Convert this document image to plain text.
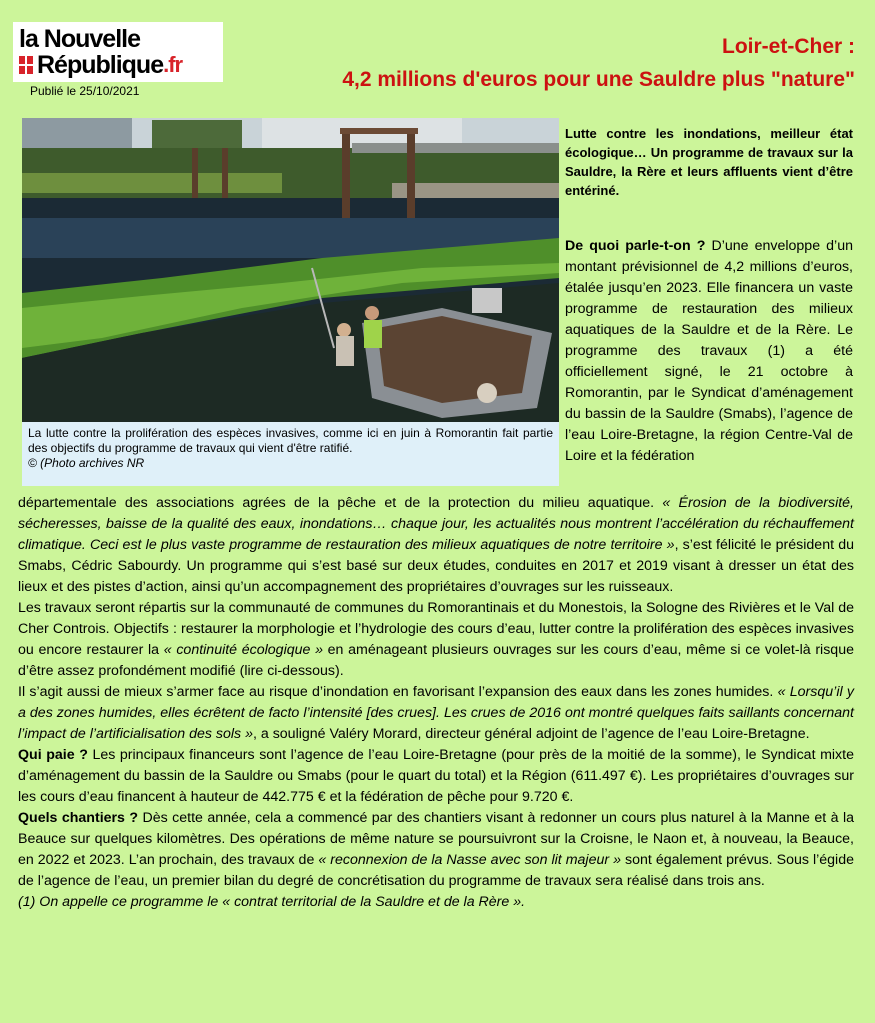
la Nouvelle
République .fr
Publié le 25/10/2021
Loir-et-Cher :
4,2 millions d'euros pour une Sauldre plus "nature"
La lutte contre la prolifération des espèces invasives, comme ici en juin à Romorantin fait partie des objectifs du programme de travaux qui vient d'être ratifié.
© (Photo archives NR
Lutte contre les inondations, meilleur état écologique… Un programme de travaux sur la Sauldre, la Rère et leurs affluents vient d’être entériné.
De quoi parle-t-on ? D’une enveloppe d’un montant prévisionnel de 4,2 millions d’euros, étalée jusqu’en 2023. Elle financera un vaste programme de restauration des milieux aquatiques de la Sauldre et de la Rère. Le programme des travaux (1) a été officiellement signé, le 21 octobre à Romorantin, par le Syndicat d’aménagement du bassin de la Sauldre (Smabs), l’agence de l’eau Loire-Bretagne, la région Centre-Val de Loire et la fédération

départementale des associations agrées de la pêche et de la protection du milieu aquatique. « Érosion de la biodiversité, sécheresses, baisse de la qualité des eaux, inondations… chaque jour, les actualités nous montrent l’accélération du réchauffement climatique. Ceci est le plus vaste programme de restauration des milieux aquatiques de notre territoire », s’est félicité le président du Smabs, Cédric Sabourdy. Un programme qui s’est basé sur deux études, conduites en 2017 et 2019 visant à dresser un état des lieux et des pistes d’action, ainsi qu’un accompagnement des propriétaires d’ouvrages sur les ruisseaux.

Les travaux seront répartis sur la communauté de communes du Romorantinais et du Monestois, la Sologne des Rivières et le Val de Cher Controis. Objectifs : restaurer la morphologie et l’hydrologie des cours d’eau, lutter contre la prolifération des espèces invasives ou encore restaurer la « continuité écologique » en aménageant plusieurs ouvrages sur les cours d’eau, même si ce volet-là risque d’être assez profondément modifié (lire ci-dessous).

Il s’agit aussi de mieux s’armer face au risque d’inondation en favorisant l’expansion des eaux dans les zones humides. « Lorsqu’il y a des zones humides, elles écrêtent de facto l’intensité [des crues]. Les crues de 2016 ont montré quelques faits saillants concernant l’impact de l’artificialisation des sols », a souligné Valéry Morard, directeur général adjoint de l’agence de l’eau Loire-Bretagne.

Qui paie ? Les principaux financeurs sont l’agence de l’eau Loire-Bretagne (pour près de la moitié de la somme), le Syndicat mixte d’aménagement du bassin de la Sauldre ou Smabs (pour le quart du total) et la Région (611.497 €). Les propriétaires d’ouvrages sur les cours d’eau financent à hauteur de 442.775 € et la fédération de pêche pour 9.720 €.

Quels chantiers ? Dès cette année, cela a commencé par des chantiers visant à redonner un cours plus naturel à la Manne et à la Beauce sur quelques kilomètres. Des opérations de même nature se poursuivront sur la Croisne, le Naon et, à nouveau, la Beauce, en 2022 et 2023. L’an prochain, des travaux de « reconnexion de la Nasse avec son lit majeur » sont également prévus. Sous l’égide de l’agence de l’eau, un premier bilan du degré de concrétisation du programme de travaux sera réalisé dans trois ans.

(1) On appelle ce programme le « contrat territorial de la Sauldre et de la Rère ».
